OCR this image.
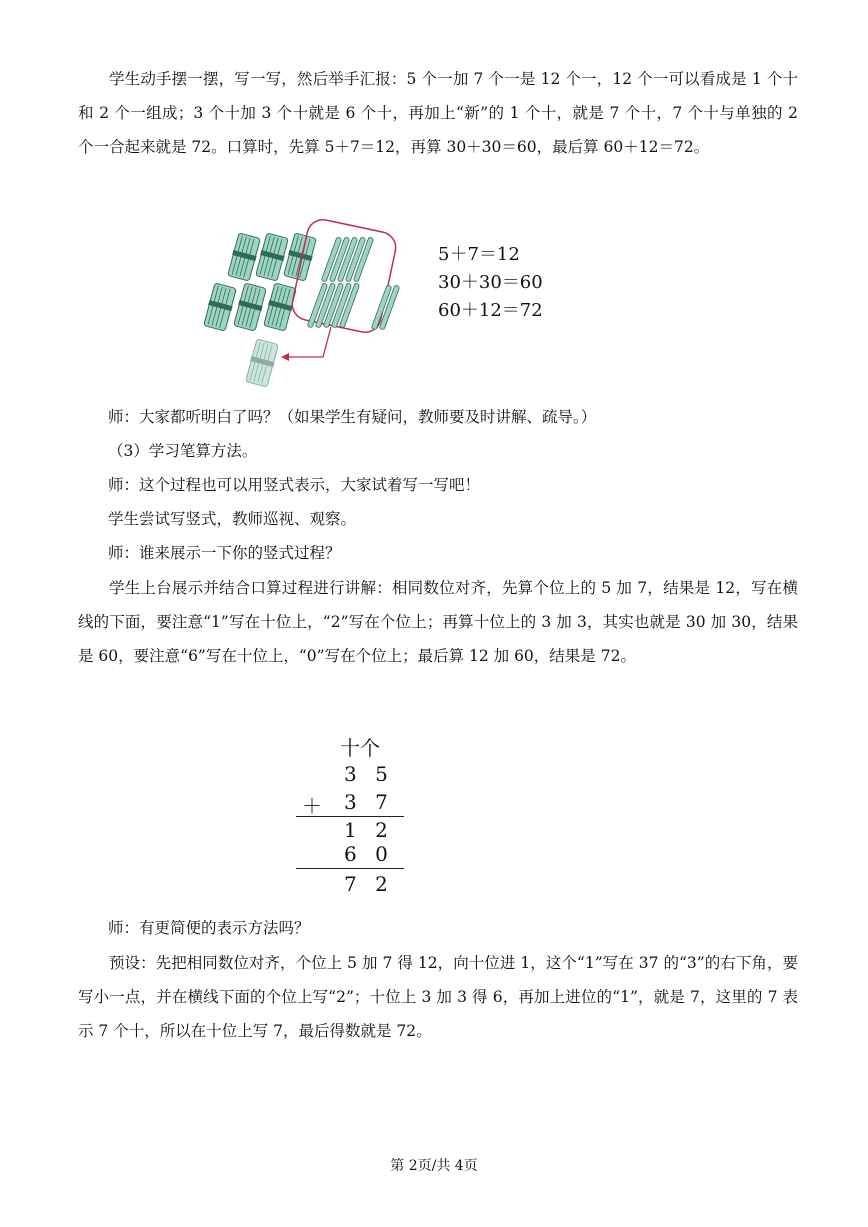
学生动手摆一摆，写一写，然后举手汇报：5 个一加 7 个一是 12 个一，12 个一可以看成是 1 个十和 2 个一组成；3 个十加 3 个十就是 6 个十，再加上“新”的 1 个十，就是 7 个十，7 个十与单独的 2 个一合起来就是 72。口算时，先算 5＋7＝12，再算 30＋30＝60，最后算 60＋12＝72。

5＋7＝12
30＋30＝60
60＋12＝72

师：大家都听明白了吗？（如果学生有疑问，教师要及时讲解、疏导。）

（3）学习笔算方法。

师：这个过程也可以用竖式表示，大家试着写一写吧！

学生尝试写竖式，教师巡视、观察。

师：谁来展示一下你的竖式过程？

学生上台展示并结合口算过程进行讲解：相同数位对齐，先算个位上的 5 加 7，结果是 12，写在横线的下面，要注意“1”写在十位上，“2”写在个位上；再算十位上的 3 加 3，其实也就是 30 加 30，结果是 60，要注意“6”写在十位上，“0”写在个位上；最后算 12 加 60，结果是 72。

十个
3 5
＋ 3 7
1 2
6 0
7 2

师：有更简便的表示方法吗？

预设：先把相同数位对齐，个位上 5 加 7 得 12，向十位进 1，这个“1”写在 37 的“3”的右下角，要写小一点，并在横线下面的个位上写“2”；十位上 3 加 3 得 6，再加上进位的“1”，就是 7，这里的 7 表示 7 个十，所以在十位上写 7，最后得数就是 72。

第 2页/共 4页
